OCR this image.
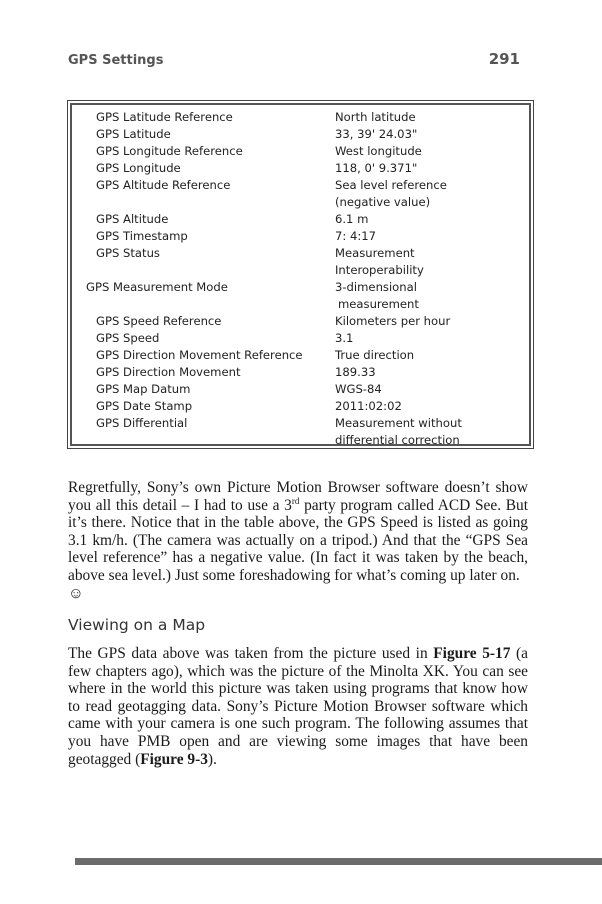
GPS Settings	291
GPS Latitude Reference	North latitude
GPS Latitude	33, 39' 24.03"
GPS Longitude Reference	West longitude
GPS Longitude	118, 0' 9.371"
GPS Altitude Reference	Sea level reference
(negative value)
GPS Altitude	6.1 m
GPS Timestamp	7: 4:17
GPS Status	Measurement
Interoperability
GPS Measurement Mode	3-dimensional
measurement
GPS Speed Reference	Kilometers per hour
GPS Speed	3.1
GPS Direction Movement Reference	True direction
GPS Direction Movement	189.33
GPS Map Datum	WGS-84
GPS Date Stamp	2011:02:02
GPS Differential	Measurement without
differential correction
Regretfully, Sony’s own Picture Motion Browser software doesn’t show you all this detail – I had to use a 3rd party program called ACD See. But it’s there. Notice that in the table above, the GPS Speed is listed as going 3.1 km/h. (The camera was actually on a tripod.) And that the “GPS Sea level reference” has a negative value. (In fact it was taken by the beach, above sea level.) Just some foreshadowing for what’s coming up later on.
☺
Viewing on a Map
The GPS data above was taken from the picture used in Figure 5-17 (a few chapters ago), which was the picture of the Minolta XK. You can see where in the world this picture was taken using programs that know how to read geotagging data. Sony’s Picture Motion Browser software which came with your camera is one such program. The following assumes that you have PMB open and are viewing some images that have been geotagged (Figure 9-3).
